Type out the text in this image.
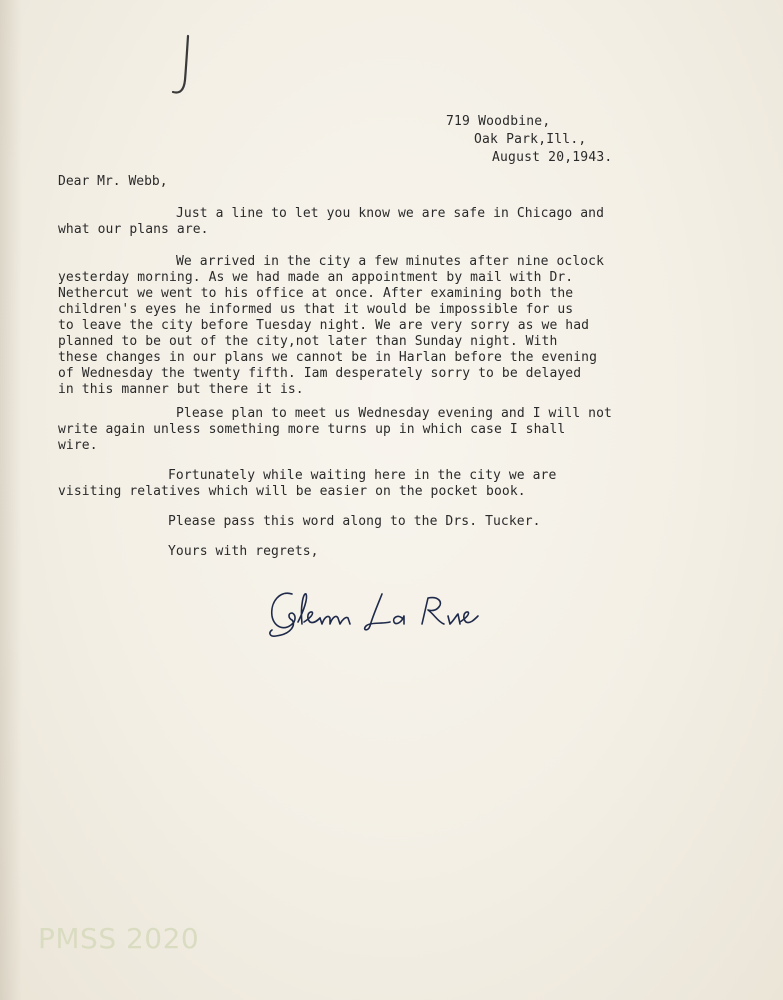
719 Woodbine,
Oak Park,Ill.,
August 20,1943.
Dear Mr. Webb,
Just a line to let you know we are safe in Chicago and
what our plans are.
We arrived in the city a few minutes after nine oclock
yesterday morning. As we had made an appointment by mail with Dr.
Nethercut we went to his office at once. After examining both the
children's eyes he informed us that it would be impossible for us
to leave the city before Tuesday night. We are very sorry as we had
planned to be out of the city,not later than Sunday night. With
these changes in our plans we cannot be in Harlan before the evening
of Wednesday the twenty fifth. Iam desperately sorry to be delayed
in this manner but there it is.
Please plan to meet us Wednesday evening and I will not
write again unless something more turns up in which case I shall
wire.
Fortunately while waiting here in the city we are
visiting relatives which will be easier on the pocket book.
Please pass this word along to the Drs. Tucker.
Yours with regrets,
Glenn La Rue
PMSS 2020
